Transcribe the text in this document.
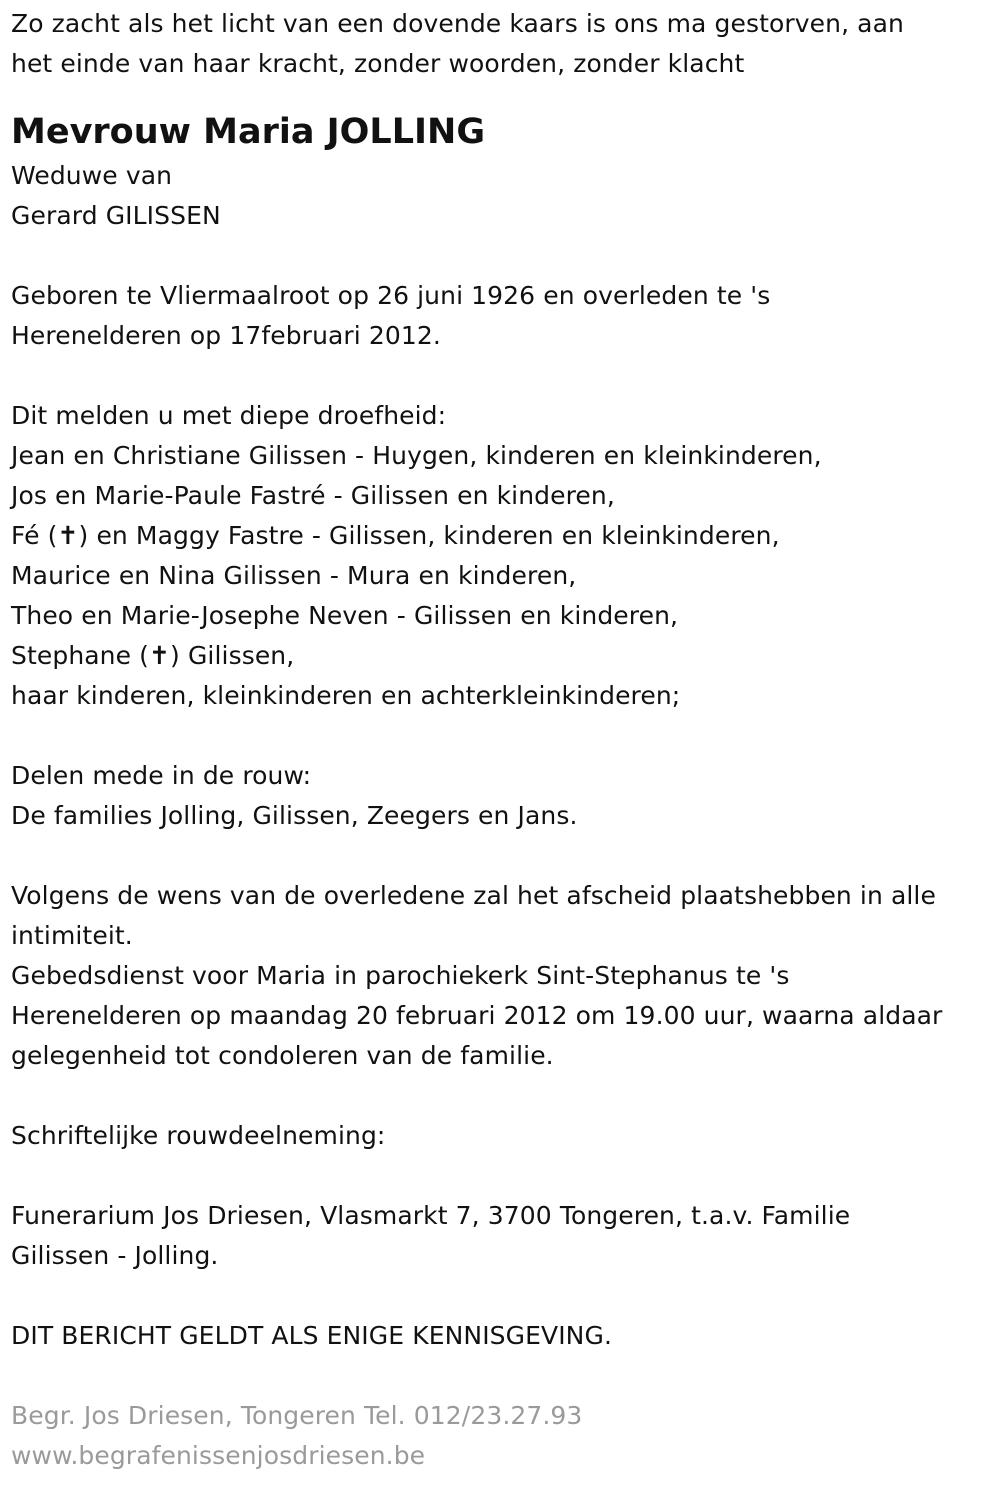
Zo zacht als het licht van een dovende kaars is ons ma gestorven, aan
het einde van haar kracht, zonder woorden, zonder klacht
Mevrouw Maria JOLLING
Weduwe van
Gerard GILISSEN
Geboren te Vliermaalroot op 26 juni 1926 en overleden te 's
Herenelderen op 17februari 2012.
Dit melden u met diepe droefheid:
Jean en Christiane Gilissen - Huygen, kinderen en kleinkinderen,
Jos en Marie-Paule Fastré - Gilissen en kinderen,
Fé (✝) en Maggy Fastre - Gilissen, kinderen en kleinkinderen,
Maurice en Nina Gilissen - Mura en kinderen,
Theo en Marie-Josephe Neven - Gilissen en kinderen,
Stephane (✝) Gilissen,
haar kinderen, kleinkinderen en achterkleinkinderen;
Delen mede in de rouw:
De families Jolling, Gilissen, Zeegers en Jans.
Volgens de wens van de overledene zal het afscheid plaatshebben in alle
intimiteit.
Gebedsdienst voor Maria in parochiekerk Sint-Stephanus te 's
Herenelderen op maandag 20 februari 2012 om 19.00 uur, waarna aldaar
gelegenheid tot condoleren van de familie.
Schriftelijke rouwdeelneming:
Funerarium Jos Driesen, Vlasmarkt 7, 3700 Tongeren, t.a.v. Familie
Gilissen - Jolling.
DIT BERICHT GELDT ALS ENIGE KENNISGEVING.
Begr. Jos Driesen, Tongeren Tel. 012/23.27.93
www.begrafenissenjosdriesen.be
